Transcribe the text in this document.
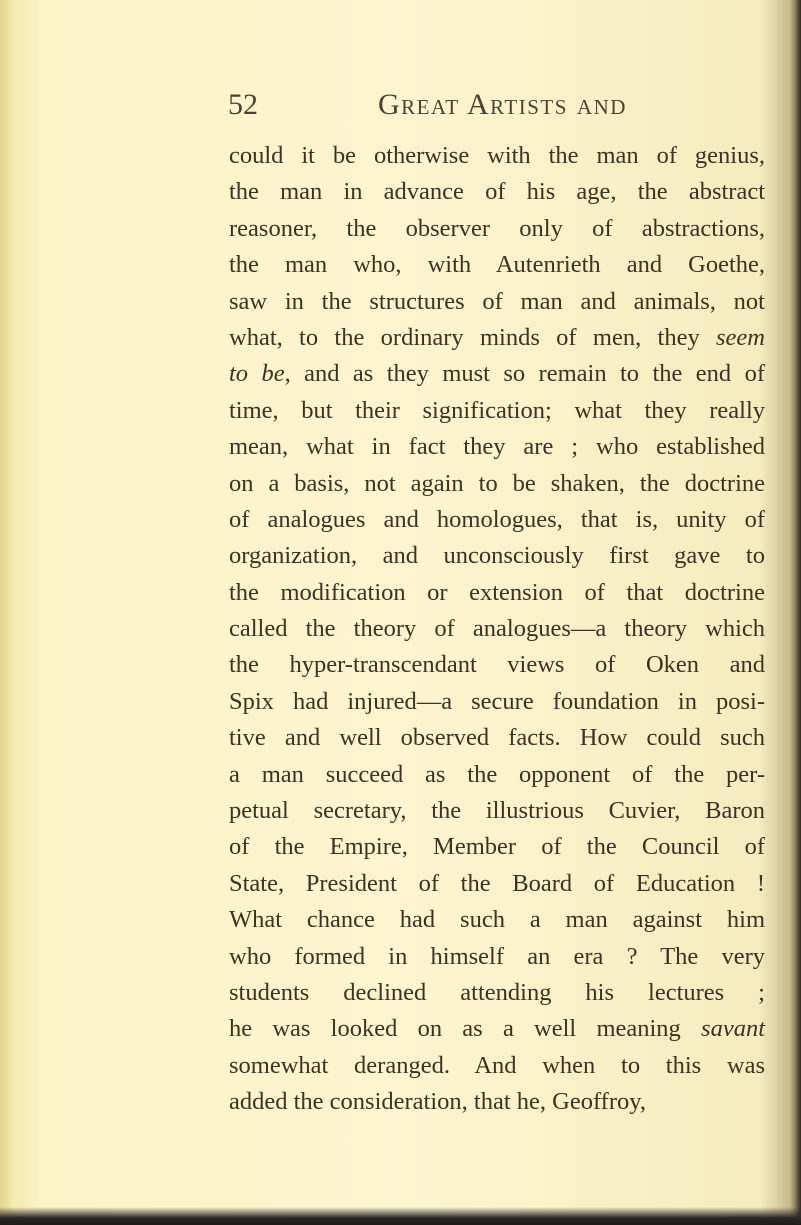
52	Great Artists and
could it be otherwise with the man of genius,
the man in advance of his age, the abstract
reasoner, the observer only of abstractions,
the man who, with Autenrieth and Goethe,
saw in the structures of man and animals, not
what, to the ordinary minds of men, they seem
to be, and as they must so remain to the end of
time, but their signification; what they really
mean, what in fact they are ; who established
on a basis, not again to be shaken, the doctrine
of analogues and homologues, that is, unity of
organization, and unconsciously first gave to
the modification or extension of that doctrine
called the theory of analogues—a theory which
the hyper-transcendant views of Oken and
Spix had injured—a secure foundation in posi-
tive and well observed facts. How could such
a man succeed as the opponent of the per-
petual secretary, the illustrious Cuvier, Baron
of the Empire, Member of the Council of
State, President of the Board of Education !
What chance had such a man against him
who formed in himself an era ? The very
students declined attending his lectures ;
he was looked on as a well meaning savant
somewhat deranged. And when to this was
added the consideration, that he, Geoffroy,
